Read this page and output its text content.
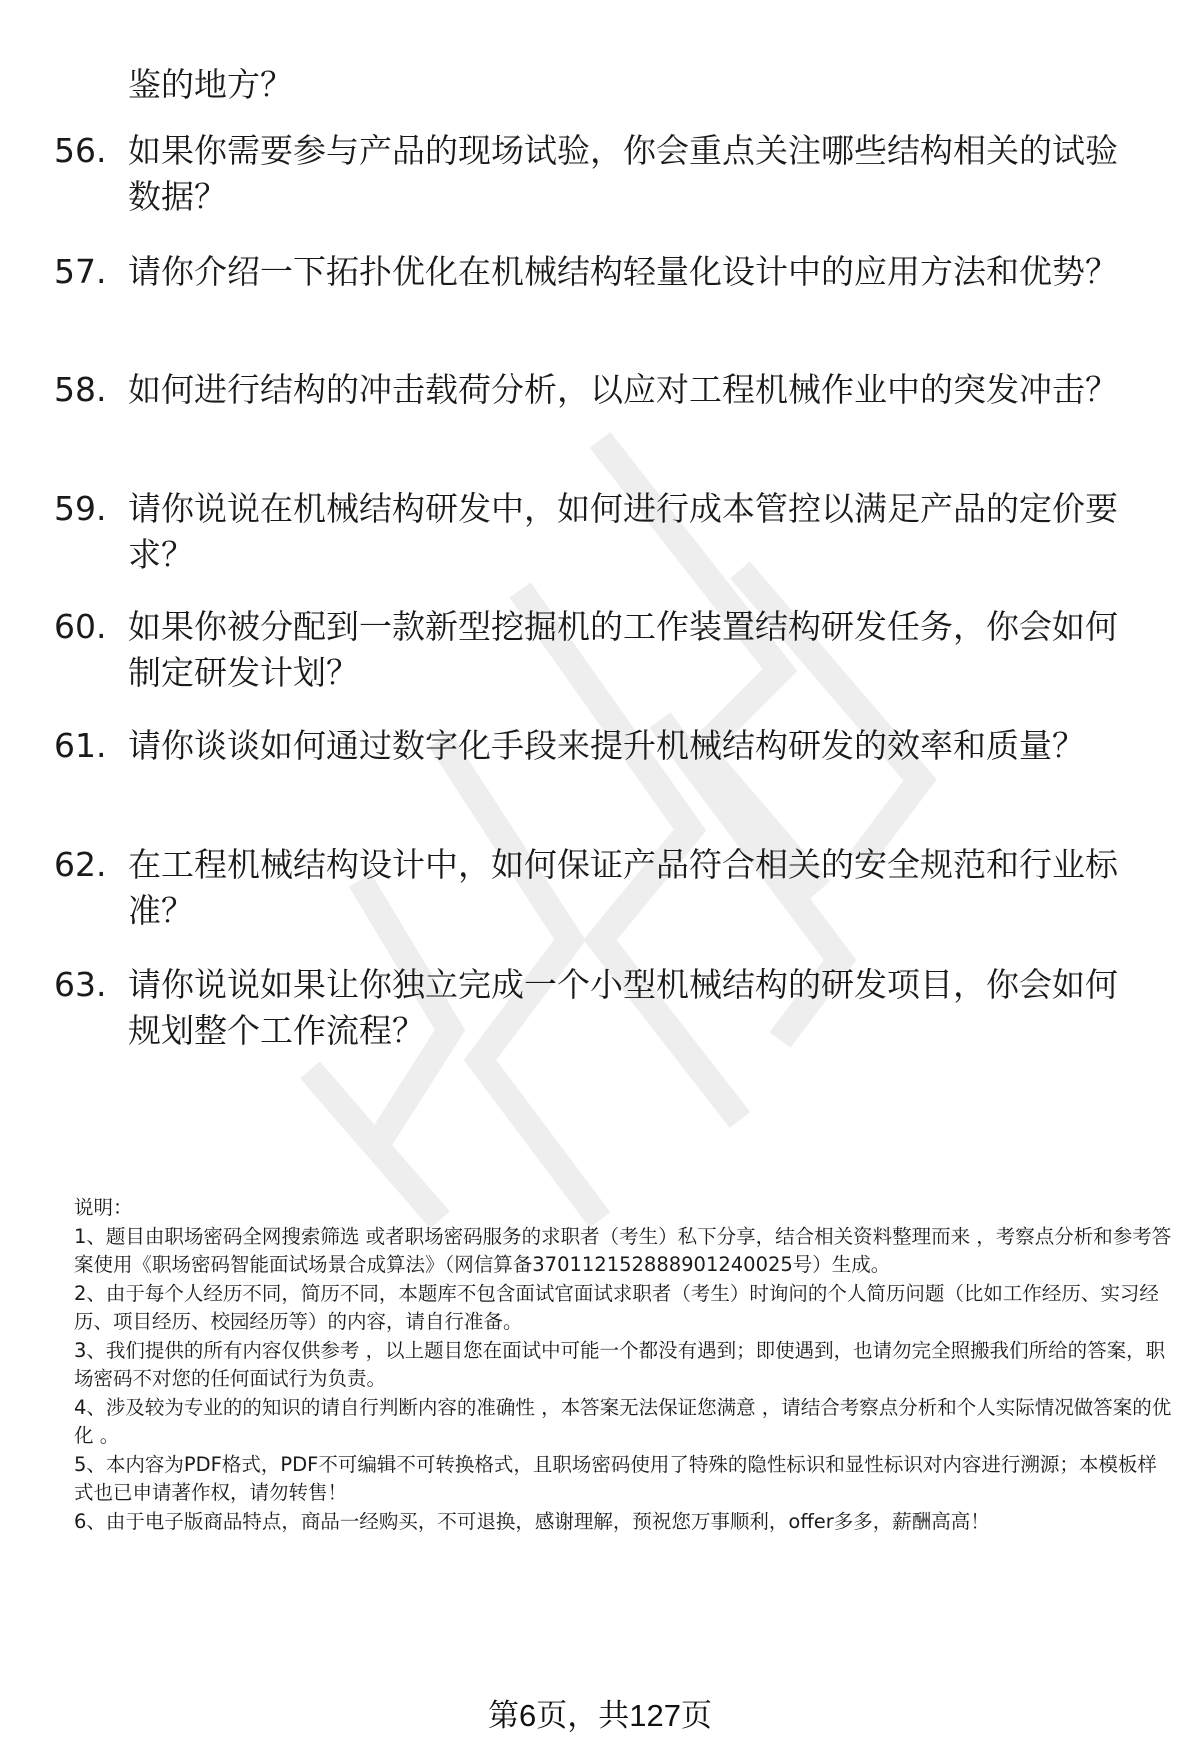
鉴的地方？

56. 如果你需要参与产品的现场试验，你会重点关注哪些结构相关的试验数据？
57. 请你介绍一下拓扑优化在机械结构轻量化设计中的应用方法和优势？
58. 如何进行结构的冲击载荷分析，以应对工程机械作业中的突发冲击？
59. 请你说说在机械结构研发中，如何进行成本管控以满足产品的定价要求？
60. 如果你被分配到一款新型挖掘机的工作装置结构研发任务，你会如何制定研发计划？
61. 请你谈谈如何通过数字化手段来提升机械结构研发的效率和质量？
62. 在工程机械结构设计中，如何保证产品符合相关的安全规范和行业标准？
63. 请你说说如果让你独立完成一个小型机械结构的研发项目，你会如何规划整个工作流程？

说明：

1、题目由职场密码全网搜索筛选 或者职场密码服务的求职者（考生）私下分享，结合相关资料整理而来 ，考察点分析和参考答案使用《职场密码智能面试场景合成算法》（网信算备370112152888901240025号）生成。

2、由于每个人经历不同，简历不同，本题库不包含面试官面试求职者（考生）时询问的个人简历问题（比如工作经历、实习经历、项目经历、校园经历等）的内容，请自行准备。

3、我们提供的所有内容仅供参考 ，以上题目您在面试中可能一个都没有遇到；即使遇到，也请勿完全照搬我们所给的答案，职场密码不对您的任何面试行为负责。

4、涉及较为专业的的知识的请自行判断内容的准确性 ，本答案无法保证您满意 ，请结合考察点分析和个人实际情况做答案的优化 。

5、本内容为PDF格式，PDF不可编辑不可转换格式，且职场密码使用了特殊的隐性标识和显性标识对内容进行溯源；本模板样式也已申请著作权，请勿转售！

6、由于电子版商品特点，商品一经购买，不可退换，感谢理解，预祝您万事顺利，offer多多，薪酬高高！

第6页，共127页
